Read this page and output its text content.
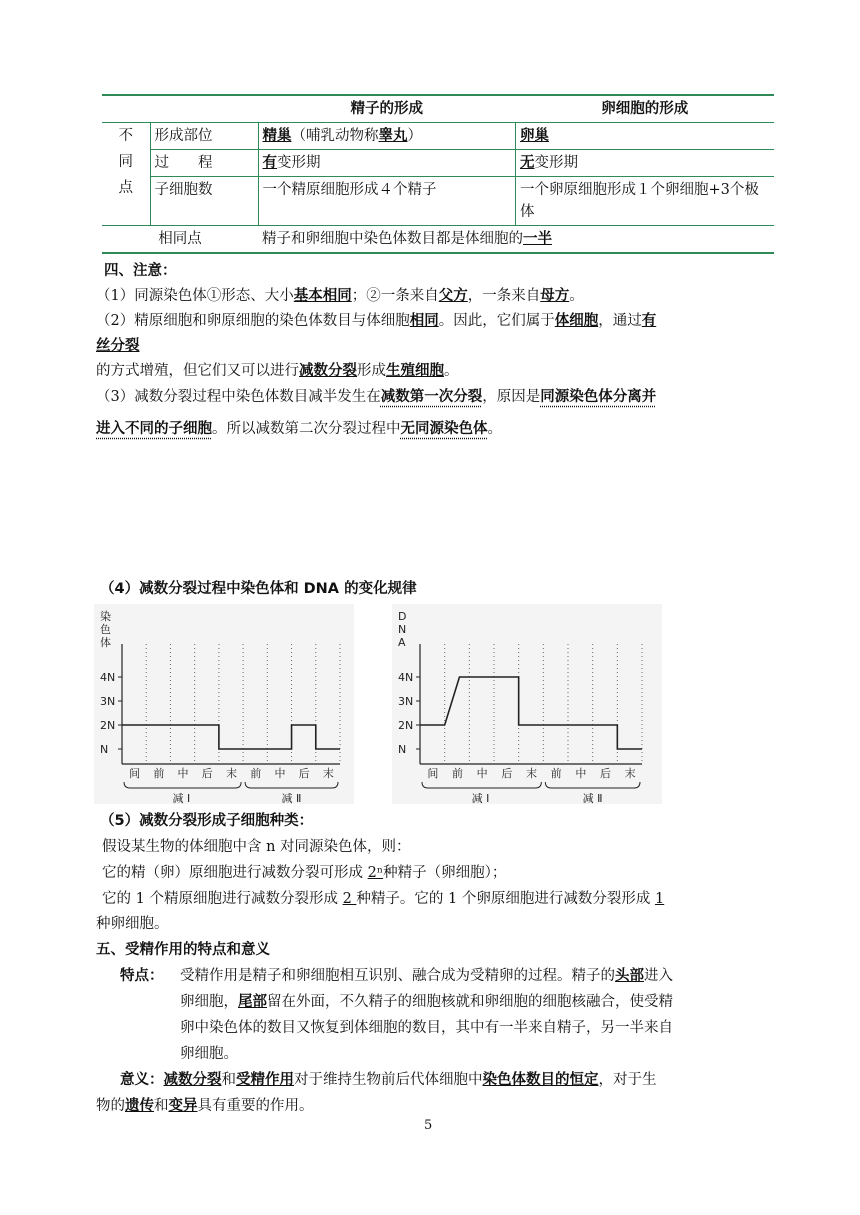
		精子的形成	卵细胞的形成

不
同
点	形成部位	精巢（哺乳动物称睾丸）	卵巢
	过　　程	有变形期	无变形期
	子细胞数	一个精原细胞形成４个精子	一个卵原细胞形成１个卵细胞+3个极体
相同点		精子和卵细胞中染色体数目都是体细胞的一半	
四、注意：
（1）同源染色体①形态、大小基本相同；②一条来自父方，一条来自母方。
（2）精原细胞和卵原细胞的染色体数目与体细胞相同。因此，它们属于体细胞，通过有
丝分裂
的方式增殖，但它们又可以进行减数分裂形成生殖细胞。
（3）减数分裂过程中染色体数目减半发生在减数第一次分裂，原因是同源染色体分离并
进入不同的子细胞。所以减数第二次分裂过程中无同源染色体。
（4）减数分裂过程中染色体和 DNA 的变化规律
染
色
体
4N
3N
2N
N
间 前 中 后 末 前 中 后 末
减 Ⅰ	减 Ⅱ
D
N
A
4N
3N
2N
N
间 前 中 后 末 前 中 后 末
减 Ⅰ	减 Ⅱ
（5）减数分裂形成子细胞种类：
假设某生物的体细胞中含 n 对同源染色体，则：
它的精（卵）原细胞进行减数分裂可形成 2ⁿ种精子（卵细胞）；
它的 1 个精原细胞进行减数分裂形成 2 种精子。它的 1 个卵原细胞进行减数分裂形成 1
种卵细胞。
五、受精作用的特点和意义
特点： 受精作用是精子和卵细胞相互识别、融合成为受精卵的过程。精子的头部进入
卵细胞，尾部留在外面，不久精子的细胞核就和卵细胞的细胞核融合，使受精
卵中染色体的数目又恢复到体细胞的数目，其中有一半来自精子，另一半来自
卵细胞。
意义：减数分裂和受精作用对于维持生物前后代体细胞中染色体数目的恒定，对于生
物的遗传和变异具有重要的作用。
5
